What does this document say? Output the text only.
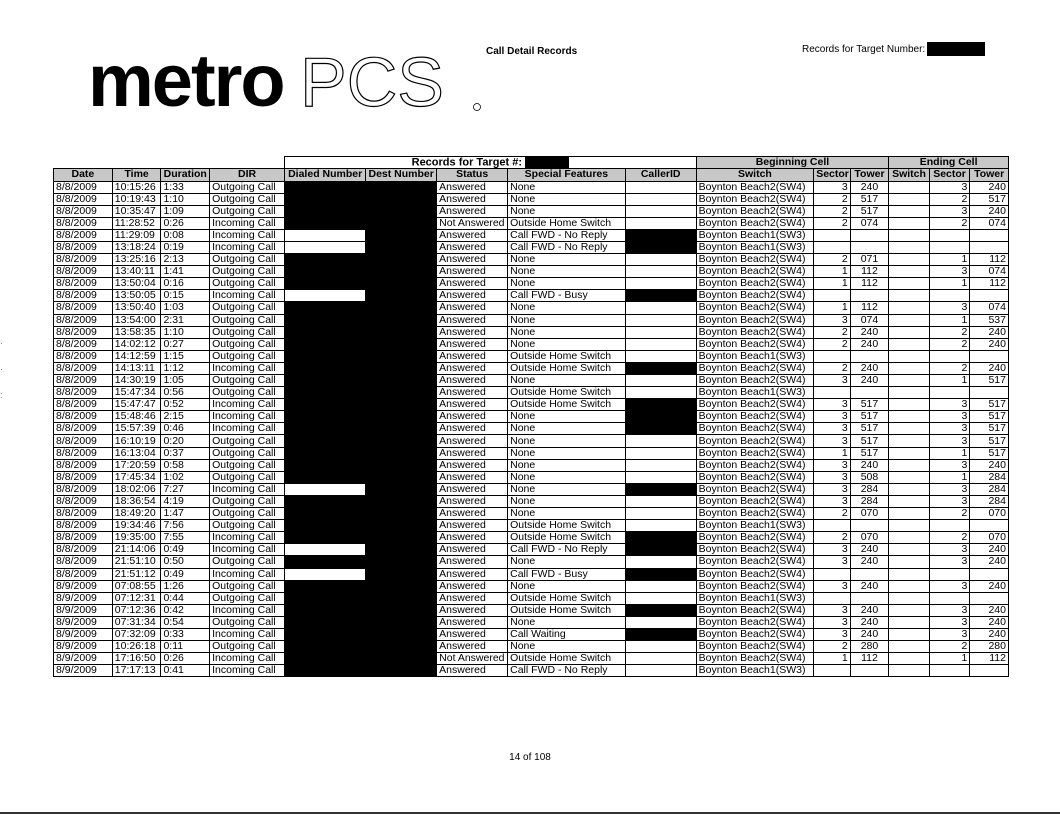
metro PCS	Call Detail Records	Records for Target Number:
·
·
:
				Records for Target #:					Beginning Cell			Ending Cell		
Date	Time	Duration	DIR	Dialed Number	Dest Number	Status	Special Features	CallerID	Switch	Sector	Tower	Switch	Sector	Tower
8/8/2009	10:15:26	1:33	Outgoing Call			Answered	None		Boynton Beach2(SW4)	3	240		3	240
8/8/2009	10:19:43	1:10	Outgoing Call			Answered	None		Boynton Beach2(SW4)	2	517		2	517
8/8/2009	10:35:47	1:09	Outgoing Call			Answered	None		Boynton Beach2(SW4)	2	517		3	240
8/8/2009	11:28:52	0:26	Incoming Call			Not Answered	Outside Home Switch		Boynton Beach2(SW4)	2	074		2	074
8/8/2009	11:29:09	0:08	Incoming Call			Answered	Call FWD - No Reply		Boynton Beach1(SW3)					
8/8/2009	13:18:24	0:19	Incoming Call			Answered	Call FWD - No Reply		Boynton Beach1(SW3)					
8/8/2009	13:25:16	2:13	Outgoing Call			Answered	None		Boynton Beach2(SW4)	2	071		1	112
8/8/2009	13:40:11	1:41	Outgoing Call			Answered	None		Boynton Beach2(SW4)	1	112		3	074
8/8/2009	13:50:04	0:16	Outgoing Call			Answered	None		Boynton Beach2(SW4)	1	112		1	112
8/8/2009	13:50:05	0:15	Incoming Call			Answered	Call FWD - Busy		Boynton Beach2(SW4)					
8/8/2009	13:50:40	1:03	Outgoing Call			Answered	None		Boynton Beach2(SW4)	1	112		3	074
8/8/2009	13:54:00	2:31	Outgoing Call			Answered	None		Boynton Beach2(SW4)	3	074		1	537
8/8/2009	13:58:35	1:10	Outgoing Call			Answered	None		Boynton Beach2(SW4)	2	240		2	240
8/8/2009	14:02:12	0:27	Outgoing Call			Answered	None		Boynton Beach2(SW4)	2	240		2	240
8/8/2009	14:12:59	1:15	Outgoing Call			Answered	Outside Home Switch		Boynton Beach1(SW3)					
8/8/2009	14:13:11	1:12	Incoming Call			Answered	Outside Home Switch		Boynton Beach2(SW4)	2	240		2	240
8/8/2009	14:30:19	1:05	Outgoing Call			Answered	None		Boynton Beach2(SW4)	3	240		1	517
8/8/2009	15:47:34	0:56	Outgoing Call			Answered	Outside Home Switch		Boynton Beach1(SW3)					
8/8/2009	15:47:47	0:52	Incoming Call			Answered	Outside Home Switch		Boynton Beach2(SW4)	3	517		3	517
8/8/2009	15:48:46	2:15	Incoming Call			Answered	None		Boynton Beach2(SW4)	3	517		3	517
8/8/2009	15:57:39	0:46	Incoming Call			Answered	None		Boynton Beach2(SW4)	3	517		3	517
8/8/2009	16:10:19	0:20	Outgoing Call			Answered	None		Boynton Beach2(SW4)	3	517		3	517
8/8/2009	16:13:04	0:37	Outgoing Call			Answered	None		Boynton Beach2(SW4)	1	517		1	517
8/8/2009	17:20:59	0:58	Outgoing Call			Answered	None		Boynton Beach2(SW4)	3	240		3	240
8/8/2009	17:45:34	1:02	Outgoing Call			Answered	None		Boynton Beach2(SW4)	3	508		1	284
8/8/2009	18:02:06	7:27	Incoming Call			Answered	None		Boynton Beach2(SW4)	3	284		3	284
8/8/2009	18:36:54	4:19	Outgoing Call			Answered	None		Boynton Beach2(SW4)	3	284		3	284
8/8/2009	18:49:20	1:47	Outgoing Call			Answered	None		Boynton Beach2(SW4)	2	070		2	070
8/8/2009	19:34:46	7:56	Outgoing Call			Answered	Outside Home Switch		Boynton Beach1(SW3)					
8/8/2009	19:35:00	7:55	Incoming Call			Answered	Outside Home Switch		Boynton Beach2(SW4)	2	070		2	070
8/8/2009	21:14:06	0:49	Incoming Call			Answered	Call FWD - No Reply		Boynton Beach2(SW4)	3	240		3	240
8/8/2009	21:51:10	0:50	Outgoing Call			Answered	None		Boynton Beach2(SW4)	3	240		3	240
8/8/2009	21:51:12	0:49	Incoming Call			Answered	Call FWD - Busy		Boynton Beach2(SW4)					
8/9/2009	07:08:55	1:26	Outgoing Call			Answered	None		Boynton Beach2(SW4)	3	240		3	240
8/9/2009	07:12:31	0:44	Outgoing Call			Answered	Outside Home Switch		Boynton Beach1(SW3)					
8/9/2009	07:12:36	0:42	Incoming Call			Answered	Outside Home Switch		Boynton Beach2(SW4)	3	240		3	240
8/9/2009	07:31:34	0:54	Outgoing Call			Answered	None		Boynton Beach2(SW4)	3	240		3	240
8/9/2009	07:32:09	0:33	Incoming Call			Answered	Call Waiting		Boynton Beach2(SW4)	3	240		3	240
8/9/2009	10:26:18	0:11	Outgoing Call			Answered	None		Boynton Beach2(SW4)	2	280		2	280
8/9/2009	17:16:50	0:26	Incoming Call			Not Answered	Outside Home Switch		Boynton Beach2(SW4)	1	112		1	112
8/9/2009	17:17:13	0:41	Incoming Call			Answered	Call FWD - No Reply		Boynton Beach1(SW3)					
14 of 108
